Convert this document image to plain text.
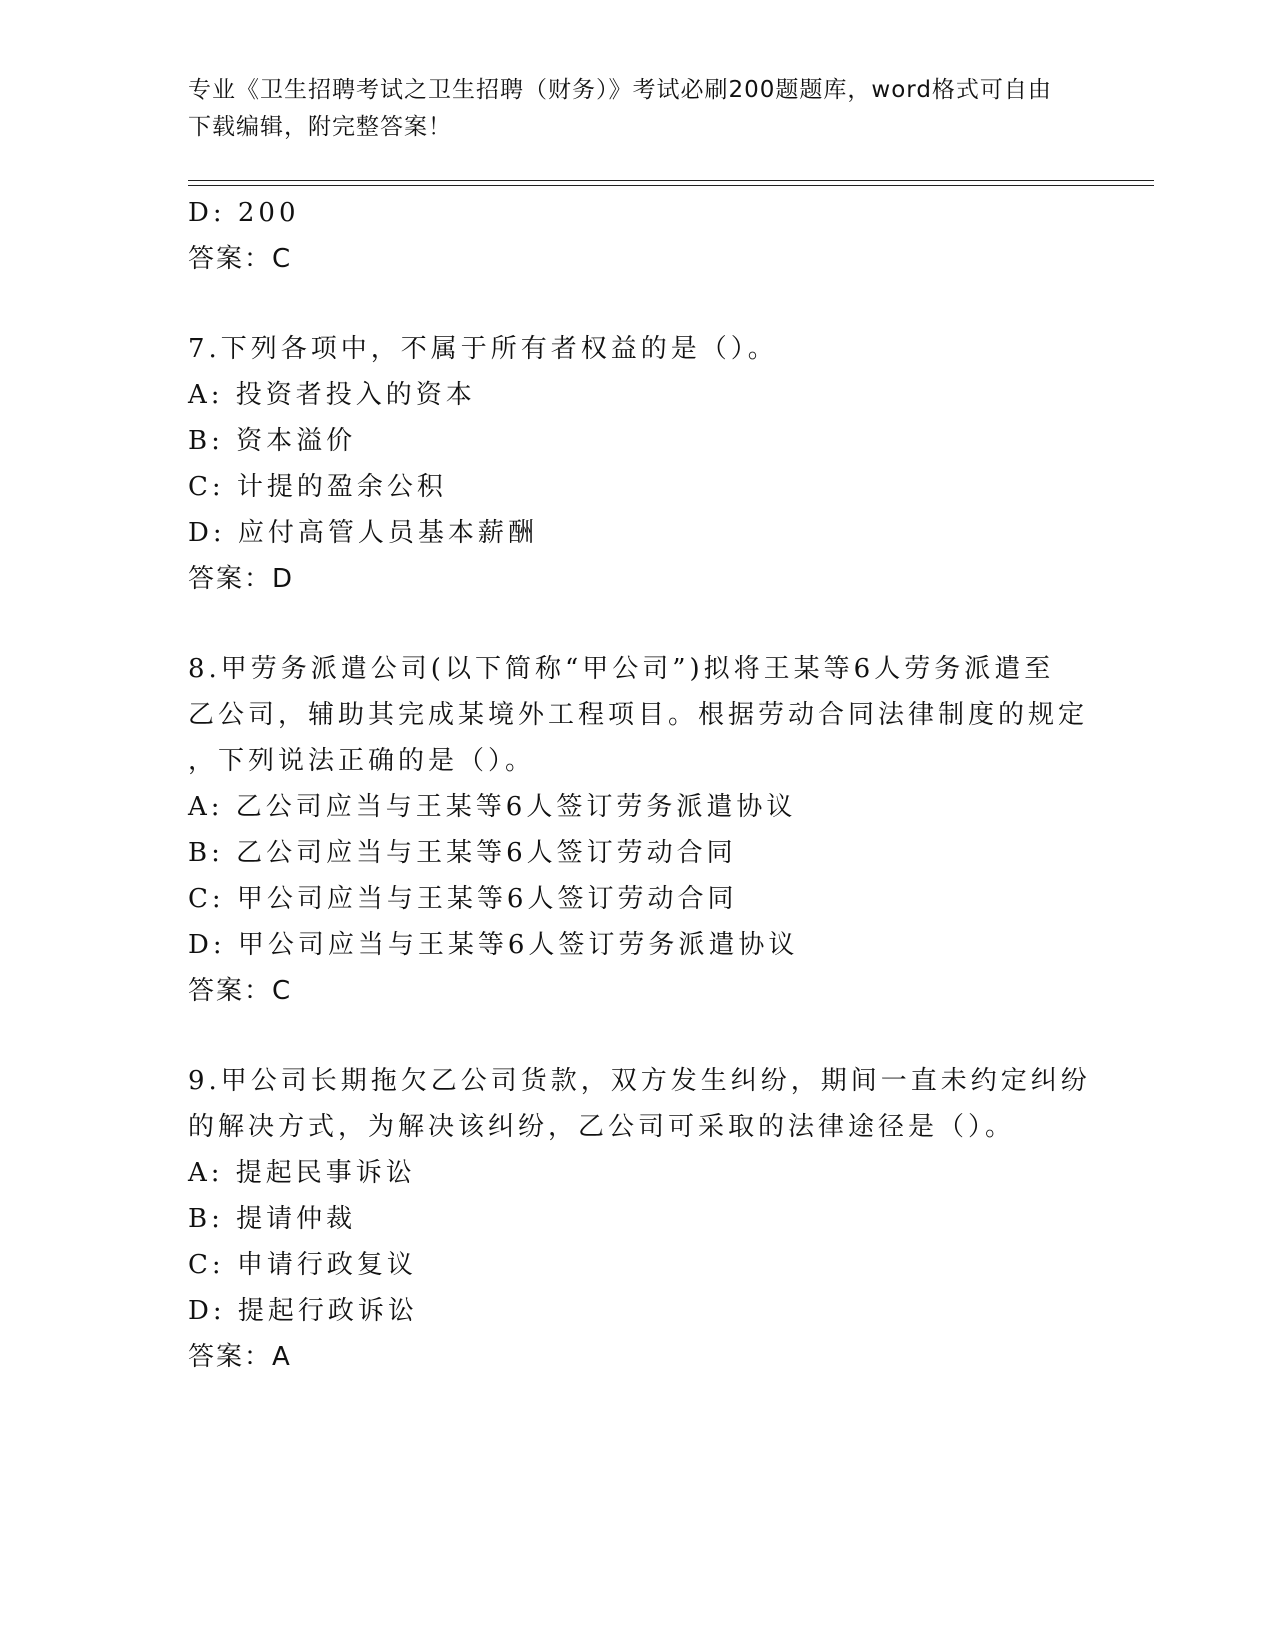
专业《卫生招聘考试之卫生招聘（财务）》考试必刷200题题库，word格式可自由下载编辑，附完整答案！
D: 200
答案：C
7.下列各项中，不属于所有者权益的是（）。
A: 投资者投入的资本
B: 资本溢价
C: 计提的盈余公积
D: 应付高管人员基本薪酬
答案：D
8.甲劳务派遣公司(以下简称“甲公司”)拟将王某等6人劳务派遣至
乙公司，辅助其完成某境外工程项目。根据劳动合同法律制度的规定
，下列说法正确的是（）。
A: 乙公司应当与王某等6人签订劳务派遣协议
B: 乙公司应当与王某等6人签订劳动合同
C: 甲公司应当与王某等6人签订劳动合同
D: 甲公司应当与王某等6人签订劳务派遣协议
答案：C
9.甲公司长期拖欠乙公司货款，双方发生纠纷，期间一直未约定纠纷
的解决方式，为解决该纠纷，乙公司可采取的法律途径是（）。
A: 提起民事诉讼
B: 提请仲裁
C: 申请行政复议
D: 提起行政诉讼
答案：A
